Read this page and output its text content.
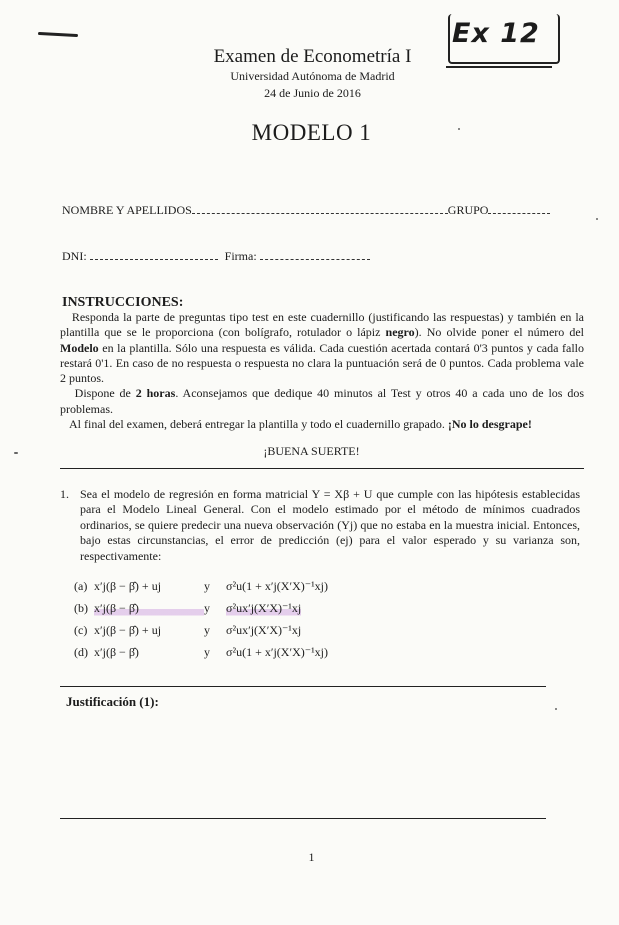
Ex 12
Examen de Econometría I
Universidad Autónoma de Madrid
24 de Junio de 2016
MODELO 1
NOMBRE Y APELLIDOS	GRUPO
DNI:	Firma:
INSTRUCCIONES:

Responda la parte de preguntas tipo test en este cuadernillo (justificando las respuestas) y también en la plantilla que se le proporciona (con bolígrafo, rotulador o lápiz negro). No olvide poner el número del Modelo en la plantilla. Sólo una respuesta es válida. Cada cuestión acertada contará 0'3 puntos y cada fallo restará 0'1. En caso de no respuesta o respuesta no clara la puntuación será de 0 puntos. Cada problema vale 2 puntos.

Dispone de 2 horas. Aconsejamos que dedique 40 minutos al Test y otros 40 a cada uno de los dos problemas.

Al final del examen, deberá entregar la plantilla y todo el cuadernillo grapado. ¡No lo desgrape!

¡BUENA SUERTE!
1. Sea el modelo de regresión en forma matricial Y = Xβ + U que cumple con las hipótesis establecidas para el Modelo Lineal General. Con el modelo estimado por el método de mínimos cuadrados ordinarios, se quiere predecir una nueva observación (Yj) que no estaba en la muestra inicial. Entonces, bajo estas circunstancias, el error de predicción (ej) para el valor esperado y su varianza son, respectivamente:
(a) x′j(β − β̂) + uj	y σ²u(1 + x′j(X′X)⁻¹xj)
(b) x′j(β − β̂)	y σ²ux′j(X′X)⁻¹xj
(c) x′j(β − β̂) + uj	y σ²ux′j(X′X)⁻¹xj
(d) x′j(β − β̂)	y σ²u(1 + x′j(X′X)⁻¹xj)
Justificación (1):
1
